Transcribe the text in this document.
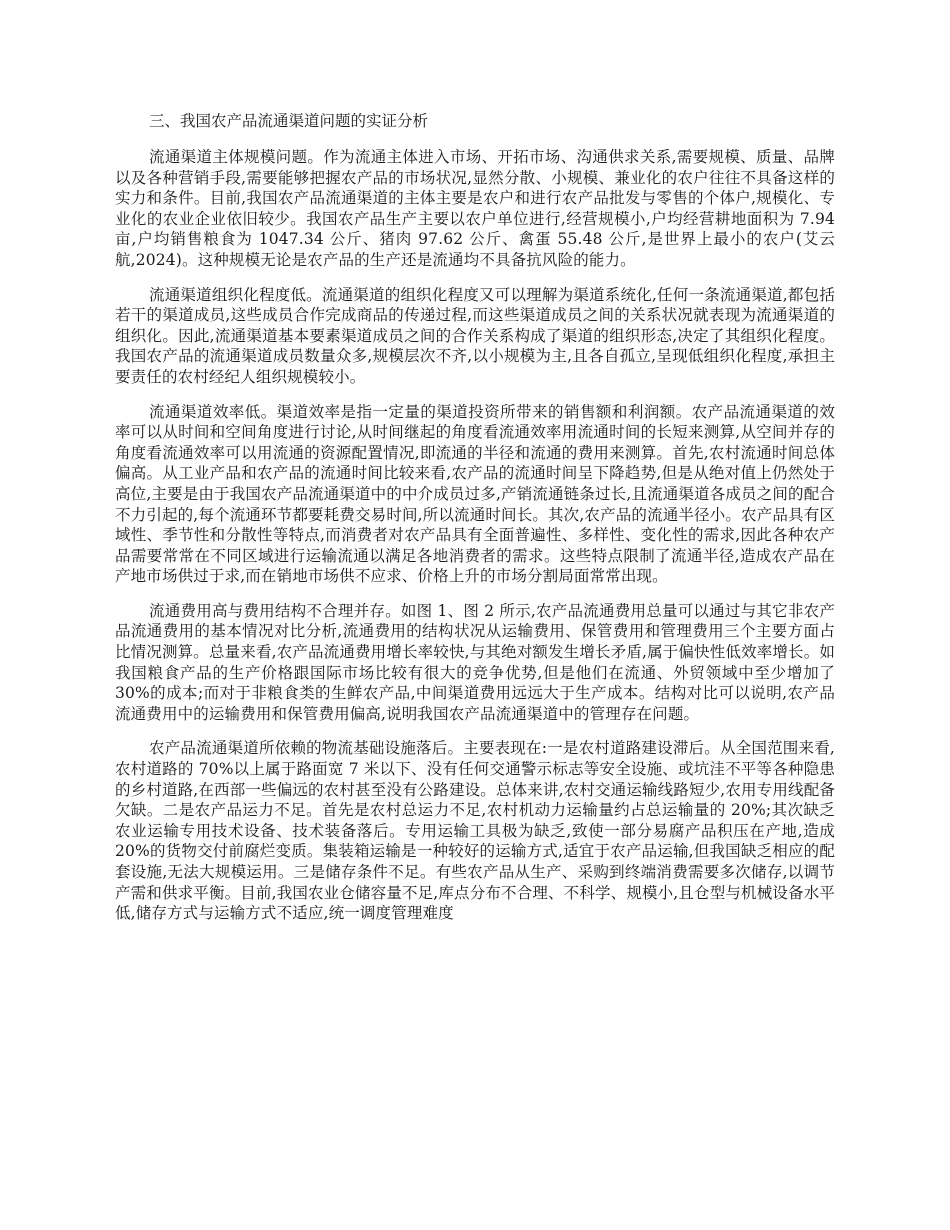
三、我国农产品流通渠道问题的实证分析

流通渠道主体规模问题。作为流通主体进入市场、开拓市场、沟通供求关系,需要规模、质量、品牌以及各种营销手段,需要能够把握农产品的市场状况,显然分散、小规模、兼业化的农户往往不具备这样的实力和条件。目前,我国农产品流通渠道的主体主要是农户和进行农产品批发与零售的个体户,规模化、专业化的农业企业依旧较少。我国农产品生产主要以农户单位进行,经营规模小,户均经营耕地面积为 7.94 亩,户均销售粮食为 1047.34 公斤、猪肉 97.62 公斤、禽蛋 55.48 公斤,是世界上最小的农户(艾云航,2024)。这种规模无论是农产品的生产还是流通均不具备抗风险的能力。

流通渠道组织化程度低。流通渠道的组织化程度又可以理解为渠道系统化,任何一条流通渠道,都包括若干的渠道成员,这些成员合作完成商品的传递过程,而这些渠道成员之间的关系状况就表现为流通渠道的组织化。因此,流通渠道基本要素渠道成员之间的合作关系构成了渠道的组织形态,决定了其组织化程度。我国农产品的流通渠道成员数量众多,规模层次不齐,以小规模为主,且各自孤立,呈现低组织化程度,承担主要责任的农村经纪人组织规模较小。

流通渠道效率低。渠道效率是指一定量的渠道投资所带来的销售额和利润额。农产品流通渠道的效率可以从时间和空间角度进行讨论,从时间继起的角度看流通效率用流通时间的长短来测算,从空间并存的角度看流通效率可以用流通的资源配置情况,即流通的半径和流通的费用来测算。首先,农村流通时间总体偏高。从工业产品和农产品的流通时间比较来看,农产品的流通时间呈下降趋势,但是从绝对值上仍然处于高位,主要是由于我国农产品流通渠道中的中介成员过多,产销流通链条过长,且流通渠道各成员之间的配合不力引起的,每个流通环节都要耗费交易时间,所以流通时间长。其次,农产品的流通半径小。农产品具有区域性、季节性和分散性等特点,而消费者对农产品具有全面普遍性、多样性、变化性的需求,因此各种农产品需要常常在不同区域进行运输流通以满足各地消费者的需求。这些特点限制了流通半径,造成农产品在产地市场供过于求,而在销地市场供不应求、价格上升的市场分割局面常常出现。

流通费用高与费用结构不合理并存。如图 1、图 2 所示,农产品流通费用总量可以通过与其它非农产品流通费用的基本情况对比分析,流通费用的结构状况从运输费用、保管费用和管理费用三个主要方面占比情况测算。总量来看,农产品流通费用增长率较快,与其绝对额发生增长矛盾,属于偏快性低效率增长。如我国粮食产品的生产价格跟国际市场比较有很大的竞争优势,但是他们在流通、外贸领域中至少增加了 30%的成本;而对于非粮食类的生鲜农产品,中间渠道费用远远大于生产成本。结构对比可以说明,农产品流通费用中的运输费用和保管费用偏高,说明我国农产品流通渠道中的管理存在问题。

农产品流通渠道所依赖的物流基础设施落后。主要表现在:一是农村道路建设滞后。从全国范围来看,农村道路的 70%以上属于路面宽 7 米以下、没有任何交通警示标志等安全设施、或坑洼不平等各种隐患的乡村道路,在西部一些偏远的农村甚至没有公路建设。总体来讲,农村交通运输线路短少,农用专用线配备欠缺。二是农产品运力不足。首先是农村总运力不足,农村机动力运输量约占总运输量的 20%;其次缺乏农业运输专用技术设备、技术装备落后。专用运输工具极为缺乏,致使一部分易腐产品积压在产地,造成 20%的货物交付前腐烂变质。集装箱运输是一种较好的运输方式,适宜于农产品运输,但我国缺乏相应的配套设施,无法大规模运用。三是储存条件不足。有些农产品从生产、采购到终端消费需要多次储存,以调节产需和供求平衡。目前,我国农业仓储容量不足,库点分布不合理、不科学、规模小,且仓型与机械设备水平低,储存方式与运输方式不适应,统一调度管理难度
